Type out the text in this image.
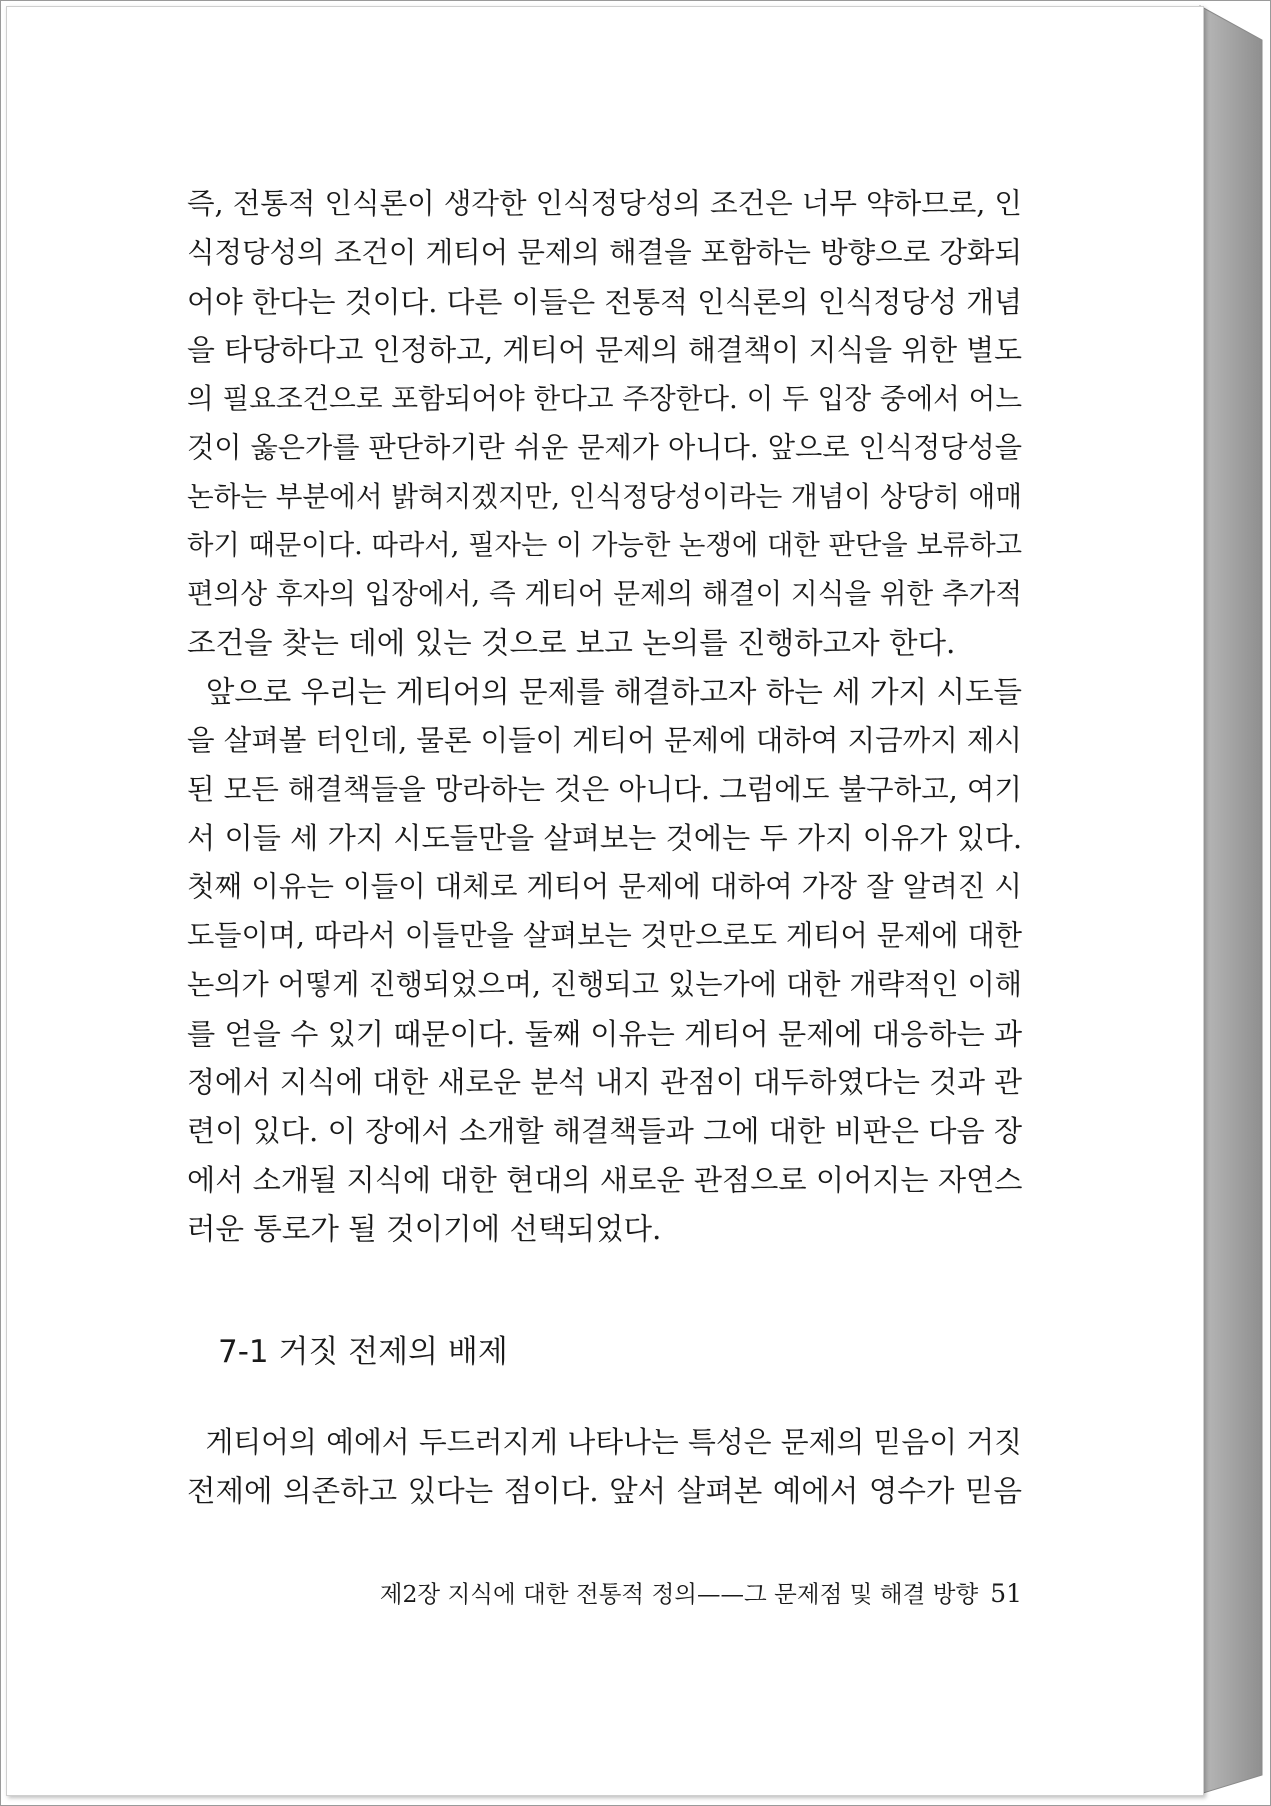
즉, 전통적 인식론이 생각한 인식정당성의 조건은 너무 약하므로, 인
식정당성의 조건이 게티어 문제의 해결을 포함하는 방향으로 강화되
어야 한다는 것이다. 다른 이들은 전통적 인식론의 인식정당성 개념
을 타당하다고 인정하고, 게티어 문제의 해결책이 지식을 위한 별도
의 필요조건으로 포함되어야 한다고 주장한다. 이 두 입장 중에서 어느
것이 옳은가를 판단하기란 쉬운 문제가 아니다. 앞으로 인식정당성을
논하는 부분에서 밝혀지겠지만, 인식정당성이라는 개념이 상당히 애매
하기 때문이다. 따라서, 필자는 이 가능한 논쟁에 대한 판단을 보류하고
편의상 후자의 입장에서, 즉 게티어 문제의 해결이 지식을 위한 추가적
조건을 찾는 데에 있는 것으로 보고 논의를 진행하고자 한다.
앞으로 우리는 게티어의 문제를 해결하고자 하는 세 가지 시도들
을 살펴볼 터인데, 물론 이들이 게티어 문제에 대하여 지금까지 제시
된 모든 해결책들을 망라하는 것은 아니다. 그럼에도 불구하고, 여기
서 이들 세 가지 시도들만을 살펴보는 것에는 두 가지 이유가 있다.
첫째 이유는 이들이 대체로 게티어 문제에 대하여 가장 잘 알려진 시
도들이며, 따라서 이들만을 살펴보는 것만으로도 게티어 문제에 대한
논의가 어떻게 진행되었으며, 진행되고 있는가에 대한 개략적인 이해
를 얻을 수 있기 때문이다. 둘째 이유는 게티어 문제에 대응하는 과
정에서 지식에 대한 새로운 분석 내지 관점이 대두하였다는 것과 관
련이 있다. 이 장에서 소개할 해결책들과 그에 대한 비판은 다음 장
에서 소개될 지식에 대한 현대의 새로운 관점으로 이어지는 자연스
러운 통로가 될 것이기에 선택되었다.
7-1 거짓 전제의 배제
게티어의 예에서 두드러지게 나타나는 특성은 문제의 믿음이 거짓
전제에 의존하고 있다는 점이다. 앞서 살펴본 예에서 영수가 믿음
제2장 지식에 대한 전통적 정의——그 문제점 및 해결 방향 51
